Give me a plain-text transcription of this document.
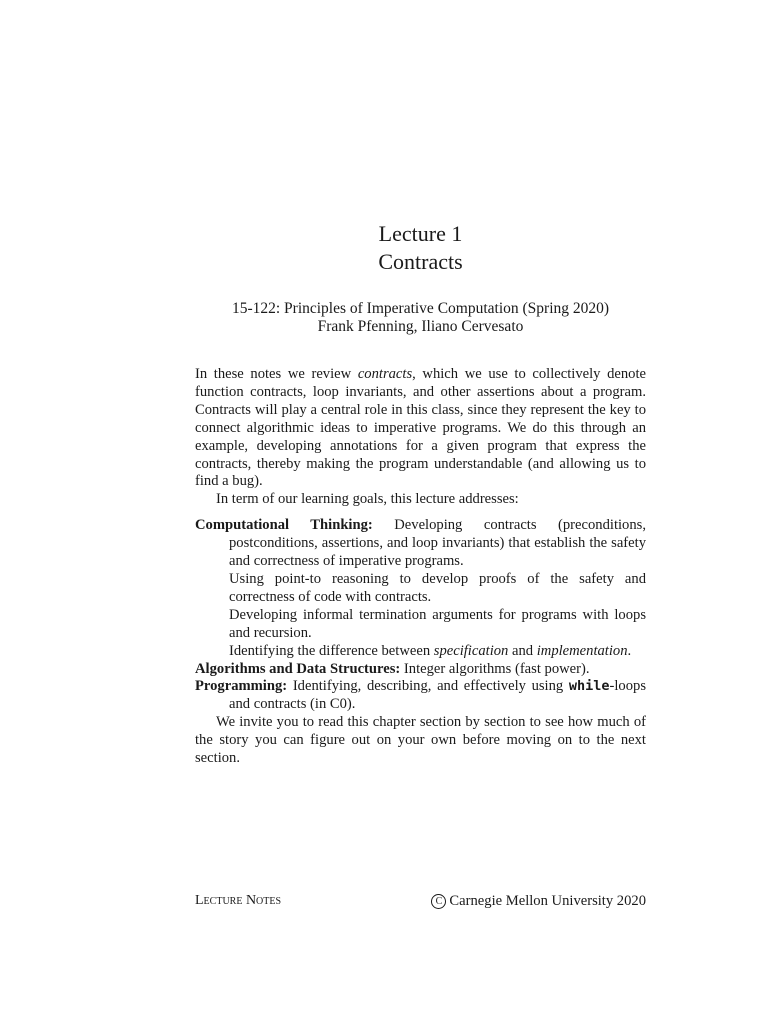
Lecture 1
Contracts
15-122: Principles of Imperative Computation (Spring 2020)
Frank Pfenning, Iliano Cervesato

In these notes we review contracts, which we use to collectively denote function contracts, loop invariants, and other assertions about a program. Contracts will play a central role in this class, since they represent the key to connect algorithmic ideas to imperative programs. We do this through an example, developing annotations for a given program that express the contracts, thereby making the program understandable (and allowing us to find a bug).

In term of our learning goals, this lecture addresses:

Computational Thinking: Developing contracts (preconditions, postconditions, assertions, and loop invariants) that establish the safety and correctness of imperative programs.

Using point-to reasoning to develop proofs of the safety and correctness of code with contracts.

Developing informal termination arguments for programs with loops and recursion.

Identifying the difference between specification and implementation.

Algorithms and Data Structures: Integer algorithms (fast power).

Programming: Identifying, describing, and effectively using while-loops and contracts (in C0).

We invite you to read this chapter section by section to see how much of the story you can figure out on your own before moving on to the next section.

Lecture Notes	C Carnegie Mellon University 2020
